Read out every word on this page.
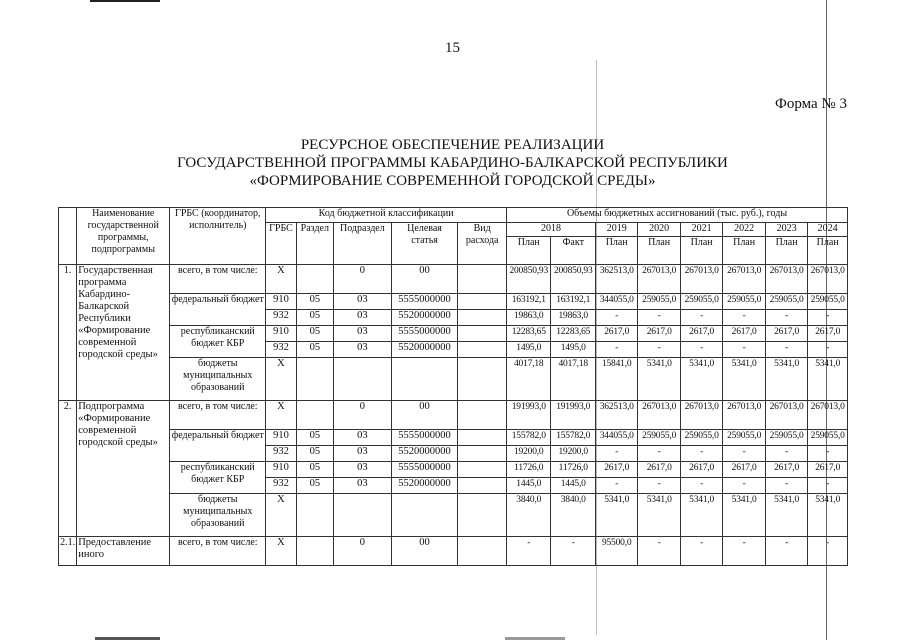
15
Форма № 3
РЕСУРСНОЕ ОБЕСПЕЧЕНИЕ РЕАЛИЗАЦИИ
ГОСУДАРСТВЕННОЙ ПРОГРАММЫ КАБАРДИНО-БАЛКАРСКОЙ РЕСПУБЛИКИ
«ФОРМИРОВАНИЕ СОВРЕМЕННОЙ ГОРОДСКОЙ СРЕДЫ»
	Наименование государственной программы, подпрограммы	ГРБС (координатор, исполнитель)	Код бюджетной классификации					Объемы бюджетных ассигнований (тыс. руб.), годы							
			ГРБС	Раздел	Подраздел	Целевая статья	Вид расхода	2018		2019	2020	2021	2022	2023	2024
								План	Факт	План	План	План	План	План	План
1.	Государственная программа Кабардино-Балкарской Республики «Формирование современной городской среды»	всего, в том числе:	X		0	00		200850,93	200850,93	362513,0	267013,0	267013,0	267013,0	267013,0	267013,0
		федеральный бюджет	910	05	03	5555000000		163192,1	163192,1	344055,0	259055,0	259055,0	259055,0	259055,0	259055,0
			932	05	03	5520000000		19863,0	19863,0	-	-	-	-	-	-
		республиканский бюджет КБР	910	05	03	5555000000		12283,65	12283,65	2617,0	2617,0	2617,0	2617,0	2617,0	2617,0
			932	05	03	5520000000		1495,0	1495,0	-	-	-	-	-	-
		бюджеты муниципальных образований	X					4017,18	4017,18	15841,0	5341,0	5341,0	5341,0	5341,0	5341,0
2.	Подпрограмма «Формирование современной городской среды»	всего, в том числе:	X		0	00		191993,0	191993,0	362513,0	267013,0	267013,0	267013,0	267013,0	267013,0
		федеральный бюджет	910	05	03	5555000000		155782,0	155782,0	344055,0	259055,0	259055,0	259055,0	259055,0	259055,0
			932	05	03	5520000000		19200,0	19200,0	-	-	-	-	-	-
		республиканский бюджет КБР	910	05	03	5555000000		11726,0	11726,0	2617,0	2617,0	2617,0	2617,0	2617,0	2617,0
			932	05	03	5520000000		1445,0	1445,0	-	-	-	-	-	-
		бюджеты муниципальных образований	X					3840,0	3840,0	5341,0	5341,0	5341,0	5341,0	5341,0	5341,0
2.1.	Предоставление иного	всего, в том числе:	X		0	00		-	-	95500,0	-	-	-	-	-
